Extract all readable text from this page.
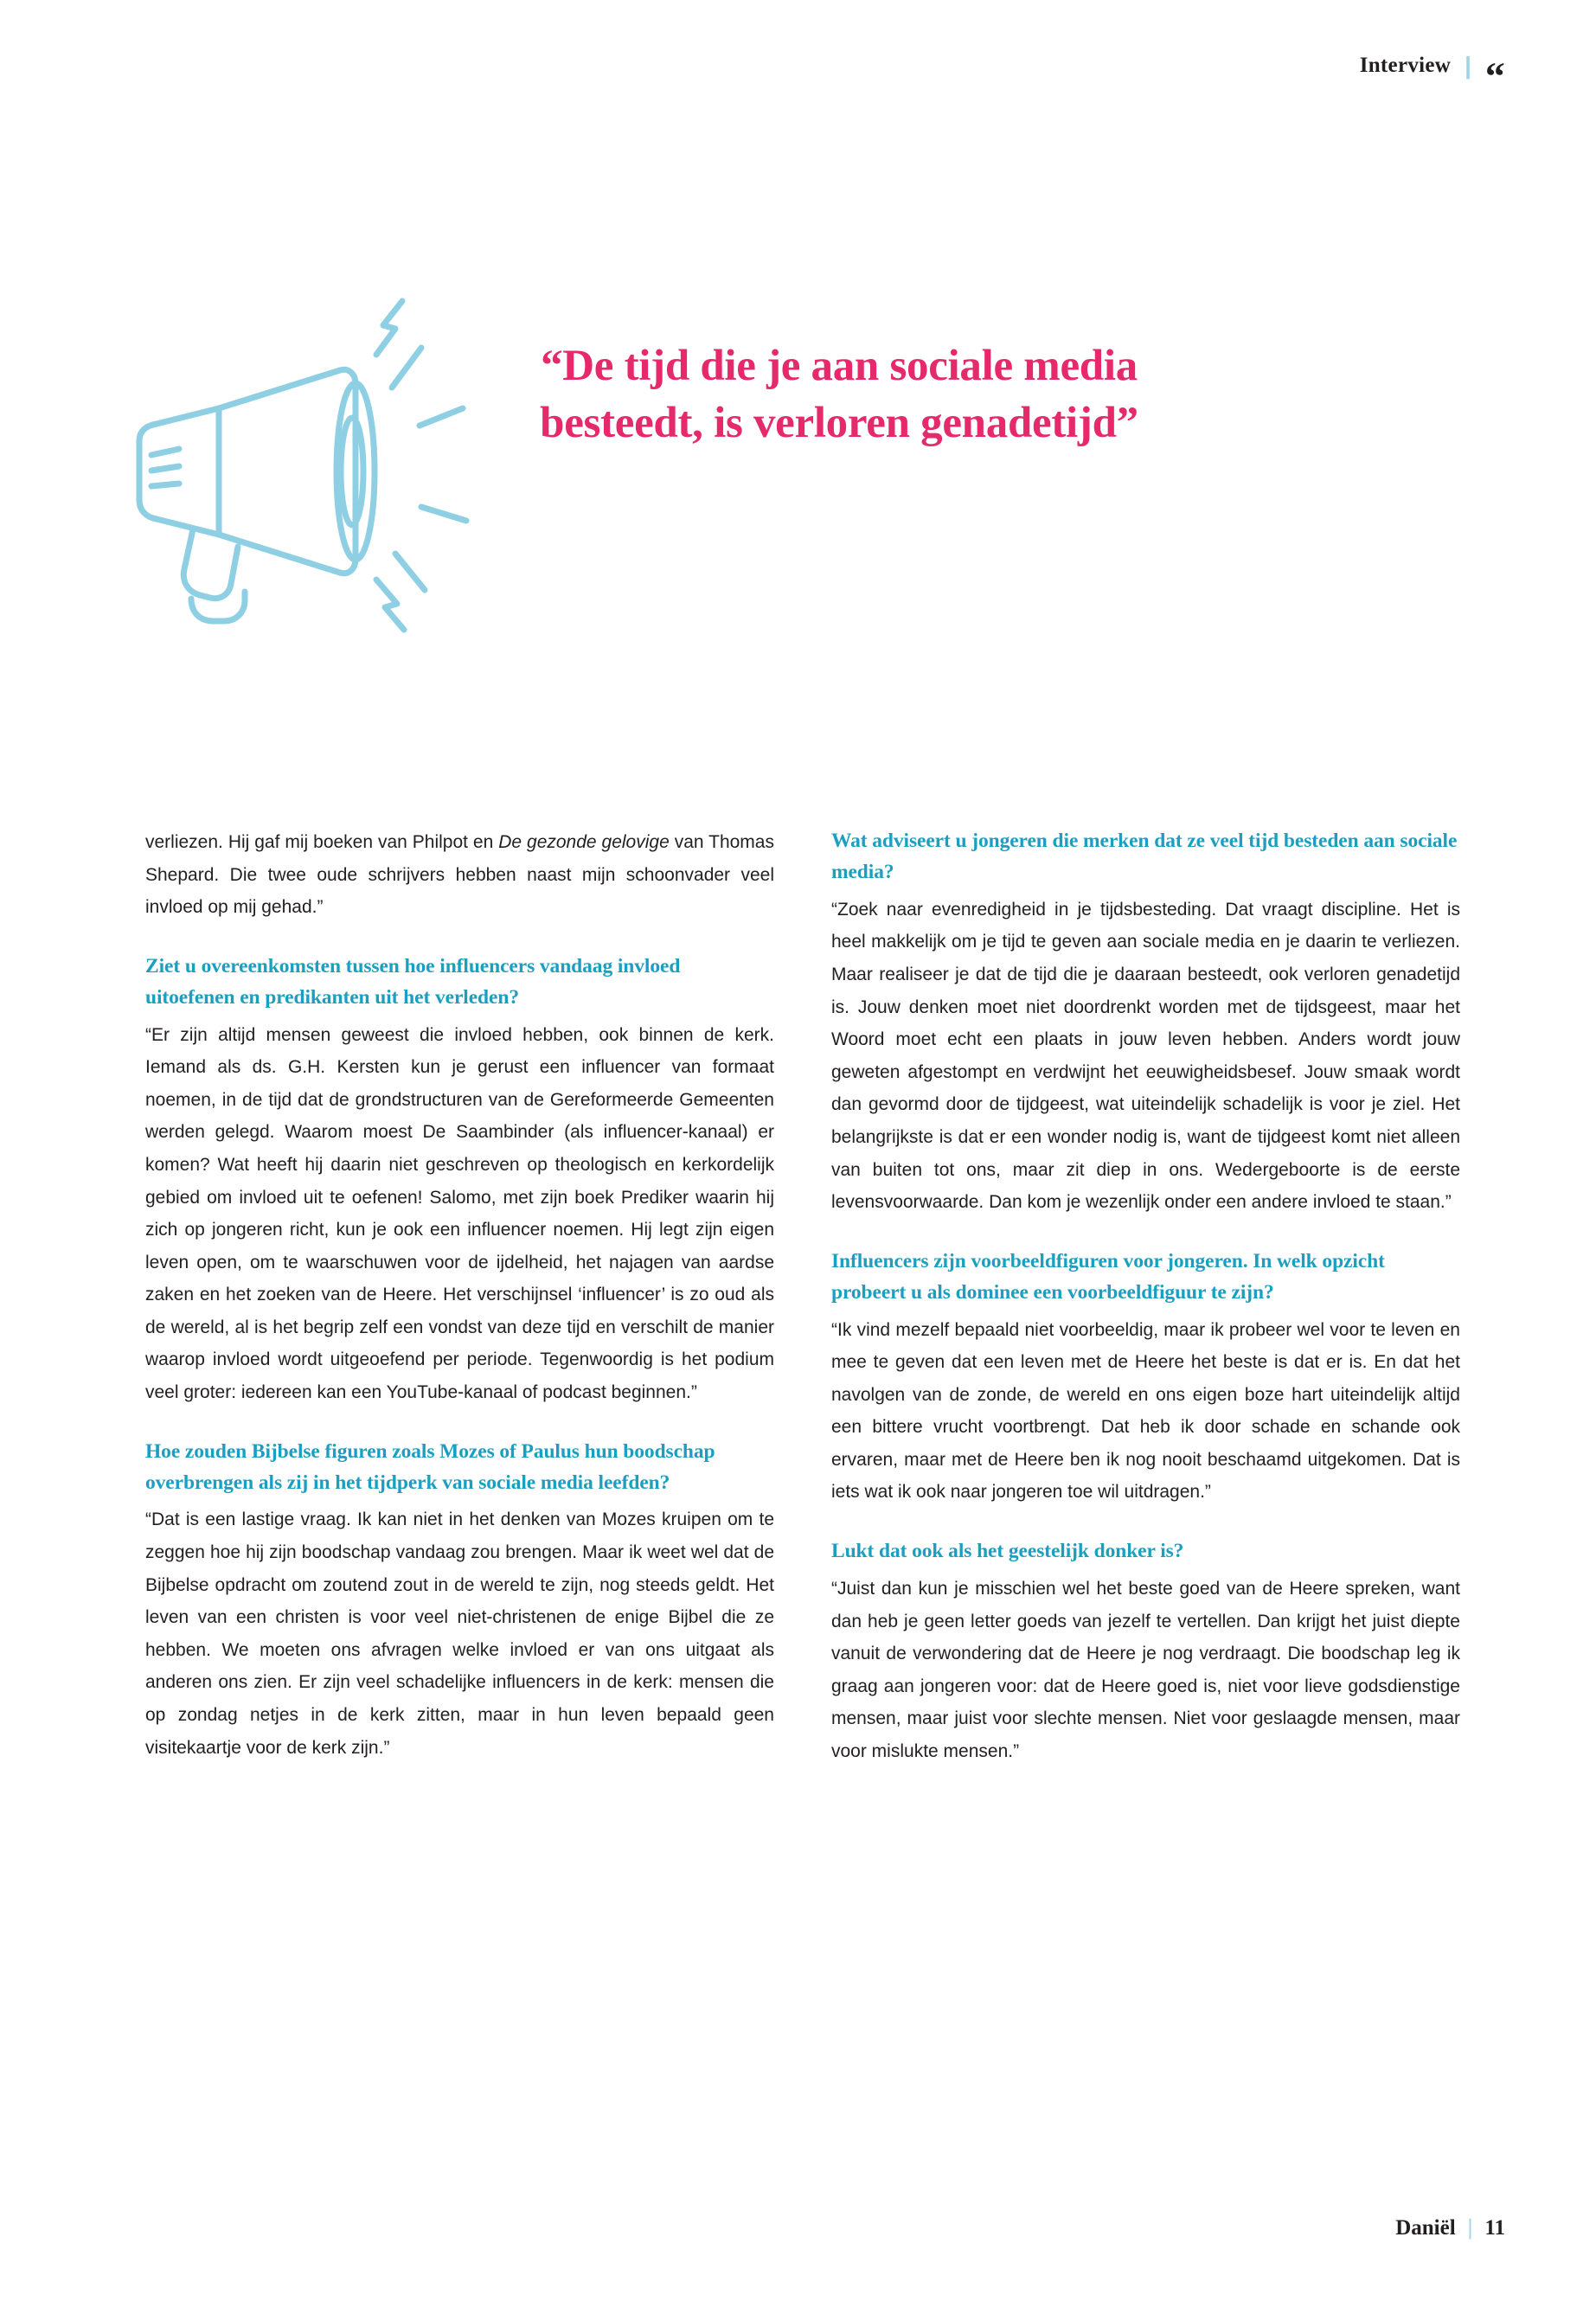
Interview | ”
“De tijd die je aan sociale media besteedt, is verloren genadetijd”

verliezen. Hij gaf mij boeken van Philpot en De gezonde gelovige van Thomas Shepard. Die twee oude schrijvers hebben naast mijn schoonvader veel invloed op mij gehad.”

Ziet u overeenkomsten tussen hoe influencers vandaag invloed uitoefenen en predikanten uit het verleden?

“Er zijn altijd mensen geweest die invloed hebben, ook binnen de kerk. Iemand als ds. G.H. Kersten kun je gerust een influencer van formaat noemen, in de tijd dat de grondstructuren van de Gereformeerde Gemeenten werden gelegd. Waarom moest De Saambinder (als influencer-kanaal) er komen? Wat heeft hij daarin niet geschreven op theologisch en kerkordelijk gebied om invloed uit te oefenen! Salomo, met zijn boek Prediker waarin hij zich op jongeren richt, kun je ook een influencer noemen. Hij legt zijn eigen leven open, om te waarschuwen voor de ijdelheid, het najagen van aardse zaken en het zoeken van de Heere. Het verschijnsel ‘influencer’ is zo oud als de wereld, al is het begrip zelf een vondst van deze tijd en verschilt de manier waarop invloed wordt uitgeoefend per periode. Tegenwoordig is het podium veel groter: iedereen kan een YouTube-kanaal of podcast beginnen.”

Hoe zouden Bijbelse figuren zoals Mozes of Paulus hun boodschap overbrengen als zij in het tijdperk van sociale media leefden?

“Dat is een lastige vraag. Ik kan niet in het denken van Mozes kruipen om te zeggen hoe hij zijn boodschap vandaag zou brengen. Maar ik weet wel dat de Bijbelse opdracht om zoutend zout in de wereld te zijn, nog steeds geldt. Het leven van een christen is voor veel niet-christenen de enige Bijbel die ze hebben. We moeten ons afvragen welke invloed er van ons uitgaat als anderen ons zien. Er zijn veel schadelijke influencers in de kerk: mensen die op zondag netjes in de kerk zitten, maar in hun leven bepaald geen visitekaartje voor de kerk zijn.”

Wat adviseert u jongeren die merken dat ze veel tijd besteden aan sociale media?

“Zoek naar evenredigheid in je tijdsbesteding. Dat vraagt discipline. Het is heel makkelijk om je tijd te geven aan sociale media en je daarin te verliezen. Maar realiseer je dat de tijd die je daaraan besteedt, ook verloren genadetijd is. Jouw denken moet niet doordrenkt worden met de tijdsgeest, maar het Woord moet echt een plaats in jouw leven hebben. Anders wordt jouw geweten afgestompt en verdwijnt het eeuwigheidsbesef. Jouw smaak wordt dan gevormd door de tijdgeest, wat uiteindelijk schadelijk is voor je ziel. Het belangrijkste is dat er een wonder nodig is, want de tijdgeest komt niet alleen van buiten tot ons, maar zit diep in ons. Wedergeboorte is de eerste levensvoorwaarde. Dan kom je wezenlijk onder een andere invloed te staan.”

Influencers zijn voorbeeldfiguren voor jongeren. In welk opzicht probeert u als dominee een voorbeeldfiguur te zijn?

“Ik vind mezelf bepaald niet voorbeeldig, maar ik probeer wel voor te leven en mee te geven dat een leven met de Heere het beste is dat er is. En dat het navolgen van de zonde, de wereld en ons eigen boze hart uiteindelijk altijd een bittere vrucht voortbrengt. Dat heb ik door schade en schande ook ervaren, maar met de Heere ben ik nog nooit beschaamd uitgekomen. Dat is iets wat ik ook naar jongeren toe wil uitdragen.”

Lukt dat ook als het geestelijk donker is?

“Juist dan kun je misschien wel het beste goed van de Heere spreken, want dan heb je geen letter goeds van jezelf te vertellen. Dan krijgt het juist diepte vanuit de verwondering dat de Heere je nog verdraagt. Die boodschap leg ik graag aan jongeren voor: dat de Heere goed is, niet voor lieve godsdienstige mensen, maar juist voor slechte mensen. Niet voor geslaagde mensen, maar voor mislukte mensen.”

Daniël | 11
